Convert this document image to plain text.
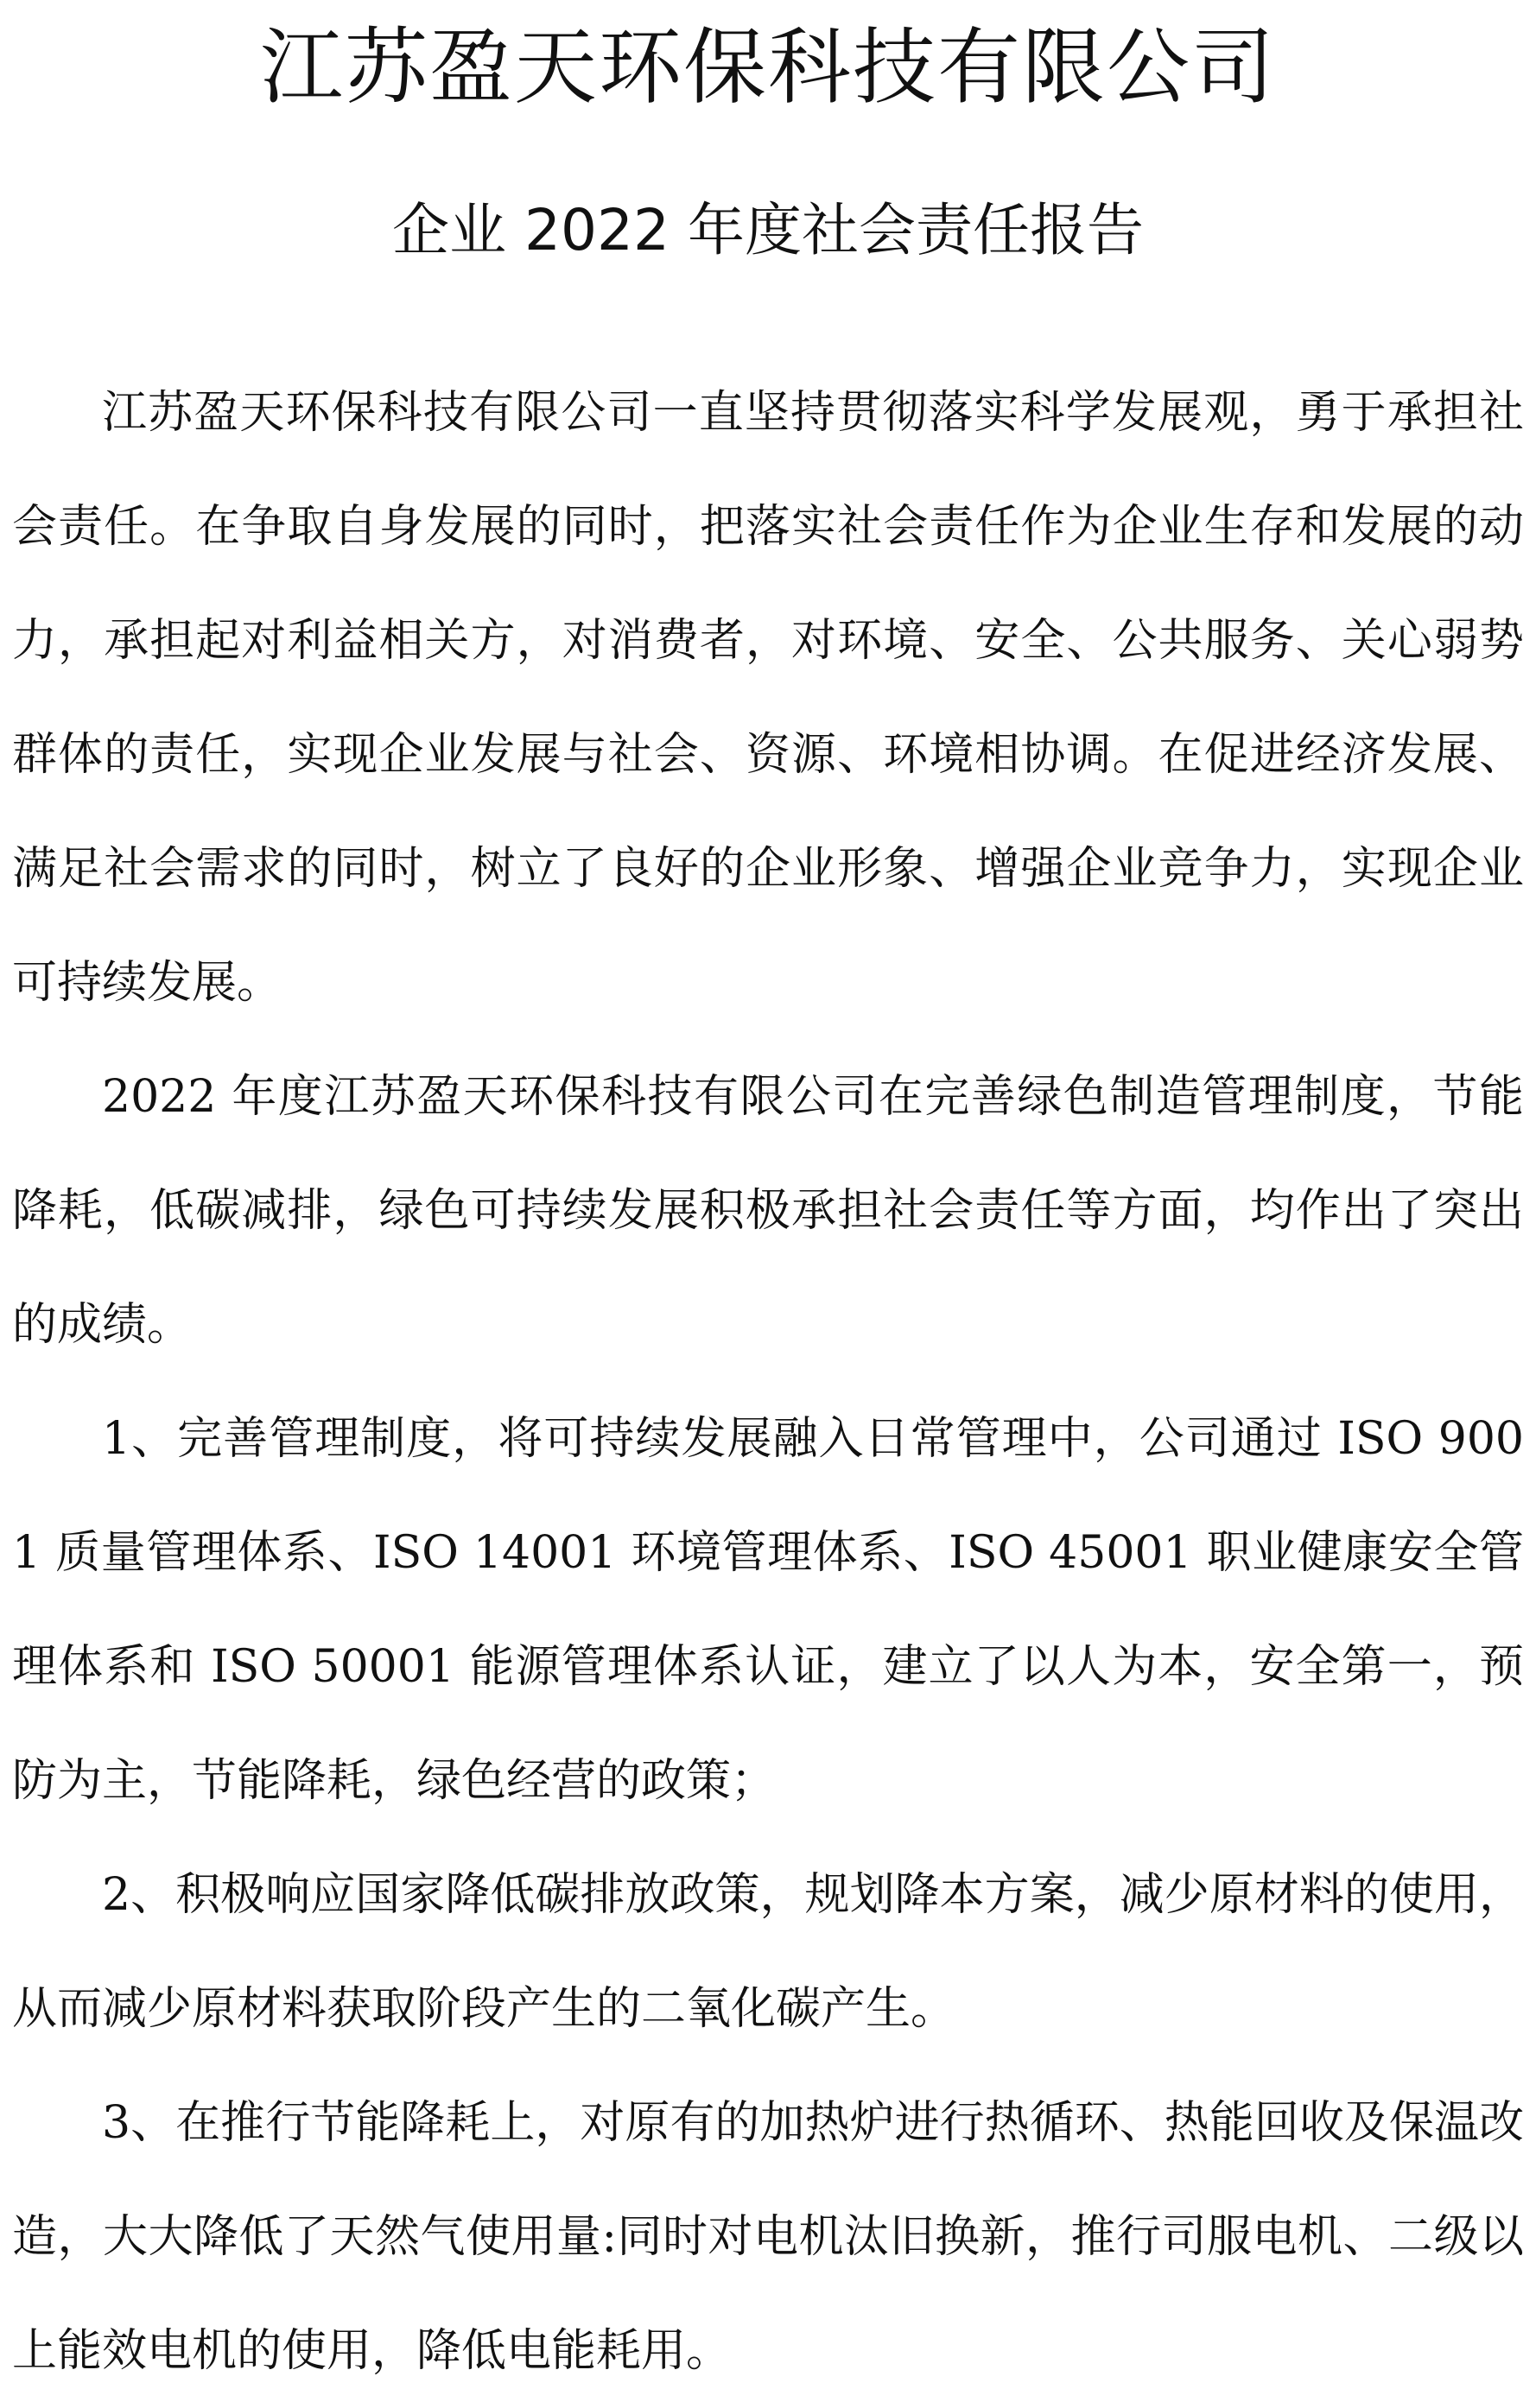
江苏盈天环保科技有限公司
企业 2022 年度社会责任报告

江苏盈天环保科技有限公司一直坚持贯彻落实科学发展观，勇于承担社会责任。在争取自身发展的同时，把落实社会责任作为企业生存和发展的动力，承担起对利益相关方，对消费者，对环境、安全、公共服务、关心弱势群体的责任，实现企业发展与社会、资源、环境相协调。在促进经济发展、满足社会需求的同时，树立了良好的企业形象、增强企业竞争力，实现企业可持续发展。

2022 年度江苏盈天环保科技有限公司在完善绿色制造管理制度，节能降耗，低碳减排，绿色可持续发展积极承担社会责任等方面，均作出了突出的成绩。

1、完善管理制度，将可持续发展融入日常管理中，公司通过 ISO 9001 质量管理体系、ISO 14001 环境管理体系、ISO 45001 职业健康安全管理体系和 ISO 50001 能源管理体系认证，建立了以人为本，安全第一，预防为主，节能降耗，绿色经营的政策；

2、积极响应国家降低碳排放政策，规划降本方案，减少原材料的使用，从而减少原材料获取阶段产生的二氧化碳产生。

3、在推行节能降耗上，对原有的加热炉进行热循环、热能回收及保温改造，大大降低了天然气使用量:同时对电机汰旧换新，推行司服电机、二级以上能效电机的使用，降低电能耗用。
